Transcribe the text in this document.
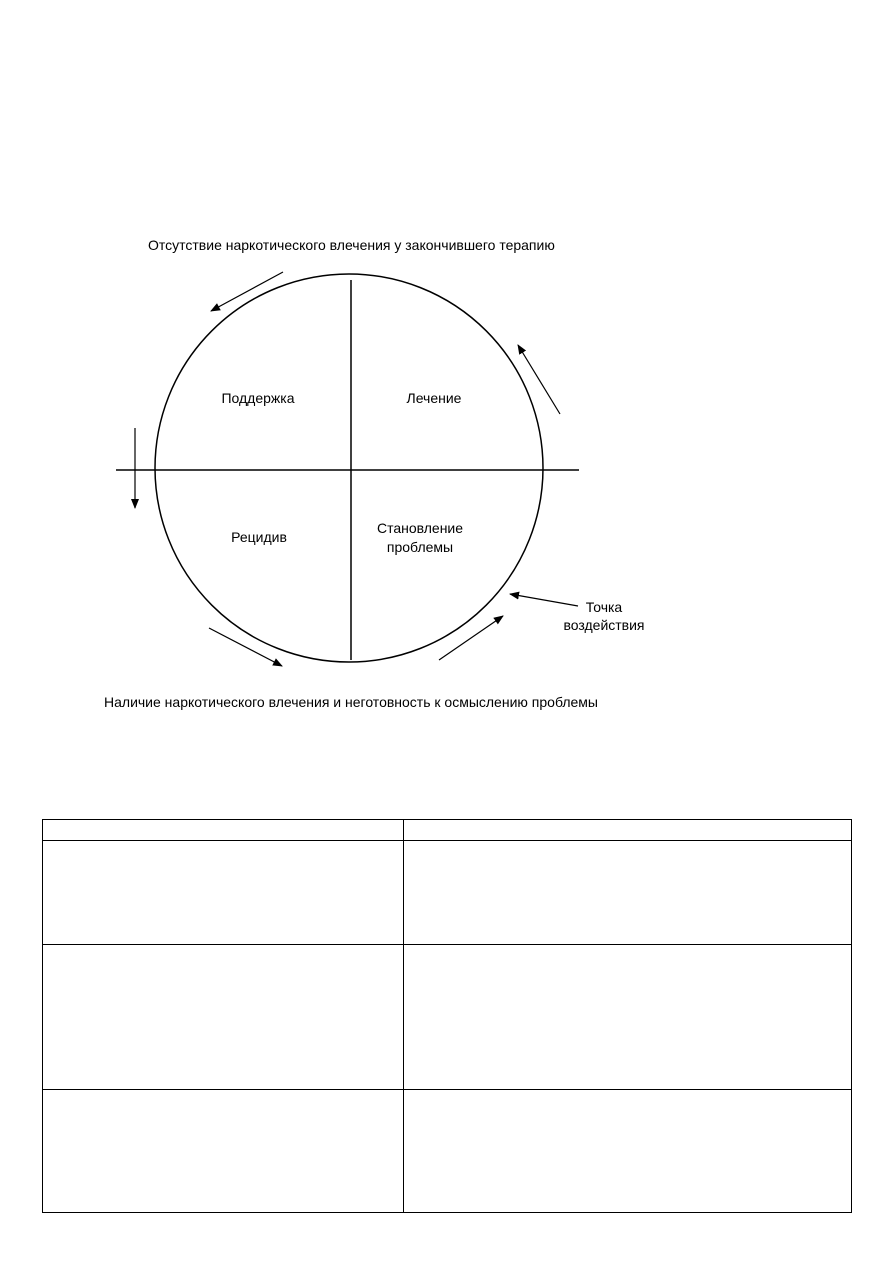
Отсутствие наркотического влечения у закончившего терапию
Поддержка	Лечение
Рецидив
Становление
проблемы
Точка
воздействия
Наличие наркотического влечения и неготовность к осмыслению проблемы
